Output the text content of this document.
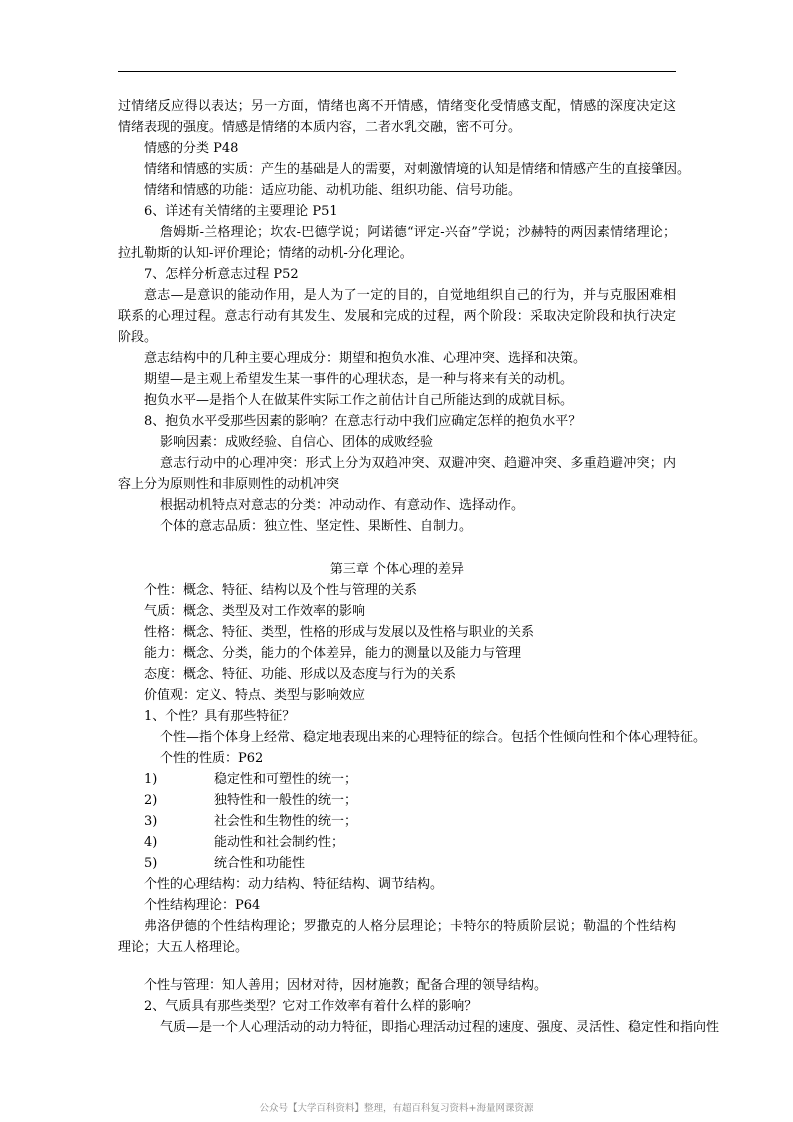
过情绪反应得以表达；另一方面，情绪也离不开情感，情绪变化受情感支配，情感的深度决定这情绪表现的强度。情感是情绪的本质内容，二者水乳交融，密不可分。

情感的分类 P48

情绪和情感的实质：产生的基础是人的需要，对刺激情境的认知是情绪和情感产生的直接肇因。

情绪和情感的功能：适应功能、动机功能、组织功能、信号功能。

6、详述有关情绪的主要理论 P51

詹姆斯-兰格理论；坎农-巴德学说；阿诺德“评定-兴奋”学说；沙赫特的两因素情绪理论；拉扎勒斯的认知-评价理论；情绪的动机-分化理论。

7、怎样分析意志过程 P52

意志—是意识的能动作用，是人为了一定的目的，自觉地组织自己的行为，并与克服困难相联系的心理过程。意志行动有其发生、发展和完成的过程，两个阶段：采取决定阶段和执行决定阶段。

意志结构中的几种主要心理成分：期望和抱负水准、心理冲突、选择和决策。

期望—是主观上希望发生某一事件的心理状态，是一种与将来有关的动机。

抱负水平—是指个人在做某件实际工作之前估计自己所能达到的成就目标。

8、抱负水平受那些因素的影响？在意志行动中我们应确定怎样的抱负水平？

影响因素：成败经验、自信心、团体的成败经验

意志行动中的心理冲突：形式上分为双趋冲突、双避冲突、趋避冲突、多重趋避冲突；内容上分为原则性和非原则性的动机冲突

根据动机特点对意志的分类：冲动动作、有意动作、选择动作。

个体的意志品质：独立性、坚定性、果断性、自制力。

第三章 个体心理的差异

个性：概念、特征、结构以及个性与管理的关系

气质：概念、类型及对工作效率的影响

性格：概念、特征、类型，性格的形成与发展以及性格与职业的关系

能力：概念、分类，能力的个体差异，能力的测量以及能力与管理

态度：概念、特征、功能、形成以及态度与行为的关系

价值观：定义、特点、类型与影响效应

1、个性？具有那些特征？

个性—指个体身上经常、稳定地表现出来的心理特征的综合。包括个性倾向性和个体心理特征。

个性的性质：P62

1)	稳定性和可塑性的统一；

2)	独特性和一般性的统一；

3)	社会性和生物性的统一；

4)	能动性和社会制约性；

5)	统合性和功能性

个性的心理结构：动力结构、特征结构、调节结构。

个性结构理论：P64

弗洛伊德的个性结构理论；罗撒克的人格分层理论；卡特尔的特质阶层说；勒温的个性结构理论；大五人格理论。

个性与管理：知人善用；因材对待，因材施教；配备合理的领导结构。

2、气质具有那些类型？它对工作效率有着什么样的影响？

气质—是一个人心理活动的动力特征，即指心理活动过程的速度、强度、灵活性、稳定性和指向性

公众号【大学百科资料】整理，有超百科复习资料+海量网课资源
